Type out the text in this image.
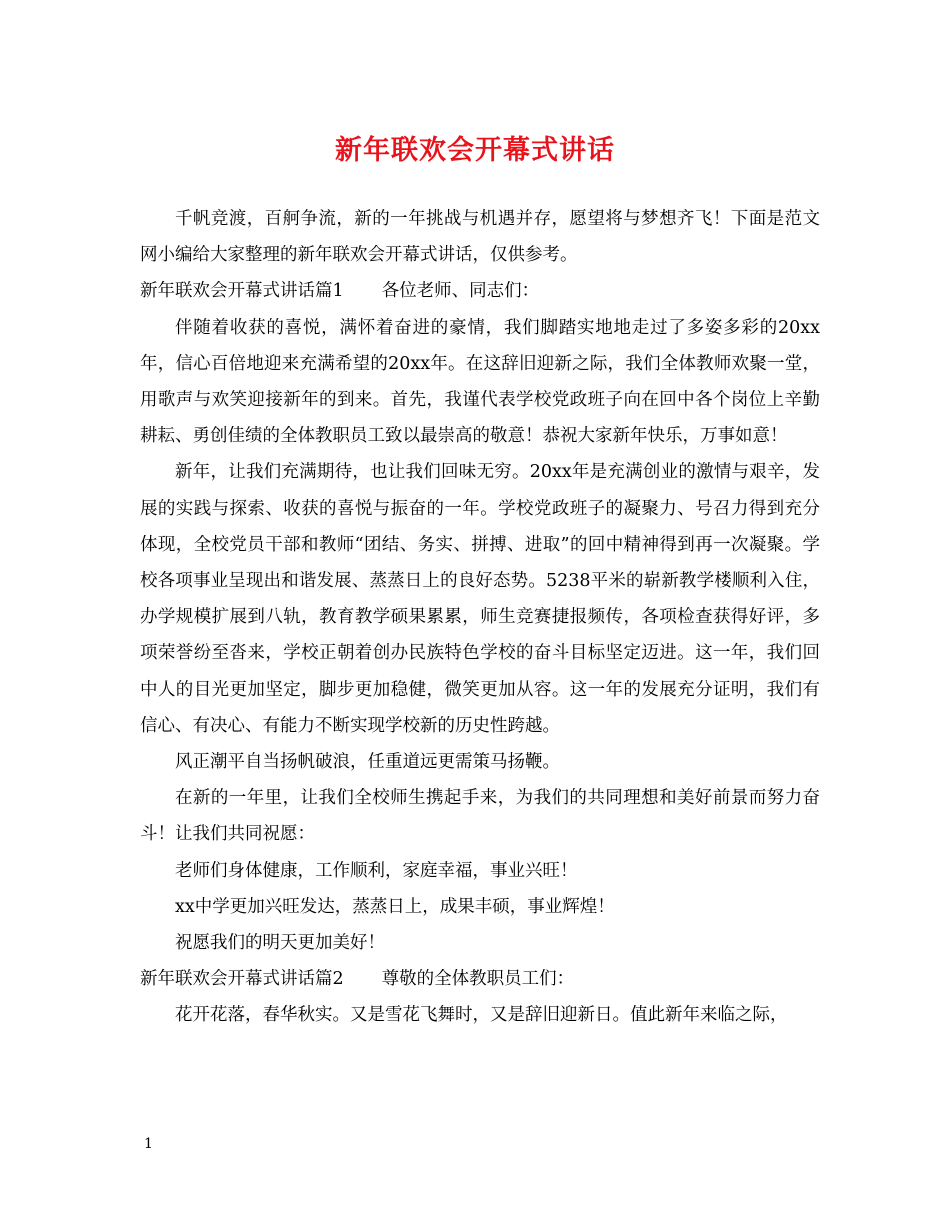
新年联欢会开幕式讲话

千帆竞渡，百舸争流，新的一年挑战与机遇并存，愿望将与梦想齐飞！下面是范文网小编给大家整理的新年联欢会开幕式讲话，仅供参考。

新年联欢会开幕式讲话篇1 各位老师、同志们：

伴随着收获的喜悦，满怀着奋进的豪情，我们脚踏实地地走过了多姿多彩的20xx年，信心百倍地迎来充满希望的20xx年。在这辞旧迎新之际，我们全体教师欢聚一堂，用歌声与欢笑迎接新年的到来。首先，我谨代表学校党政班子向在回中各个岗位上辛勤耕耘、勇创佳绩的全体教职员工致以最崇高的敬意！恭祝大家新年快乐，万事如意！

新年，让我们充满期待，也让我们回味无穷。20xx年是充满创业的激情与艰辛，发展的实践与探索、收获的喜悦与振奋的一年。学校党政班子的凝聚力、号召力得到充分体现，全校党员干部和教师“团结、务实、拼搏、进取”的回中精神得到再一次凝聚。学校各项事业呈现出和谐发展、蒸蒸日上的良好态势。5238平米的崭新教学楼顺利入住，办学规模扩展到八轨，教育教学硕果累累，师生竞赛捷报频传，各项检查获得好评，多项荣誉纷至沓来，学校正朝着创办民族特色学校的奋斗目标坚定迈进。这一年，我们回中人的目光更加坚定，脚步更加稳健，微笑更加从容。这一年的发展充分证明，我们有信心、有决心、有能力不断实现学校新的历史性跨越。

风正潮平自当扬帆破浪，任重道远更需策马扬鞭。

在新的一年里，让我们全校师生携起手来，为我们的共同理想和美好前景而努力奋斗！让我们共同祝愿：

老师们身体健康，工作顺利，家庭幸福，事业兴旺！

xx中学更加兴旺发达，蒸蒸日上，成果丰硕，事业辉煌！

祝愿我们的明天更加美好！

新年联欢会开幕式讲话篇2 尊敬的全体教职员工们：

花开花落，春华秋实。又是雪花飞舞时，又是辞旧迎新日。值此新年来临之际，

1
